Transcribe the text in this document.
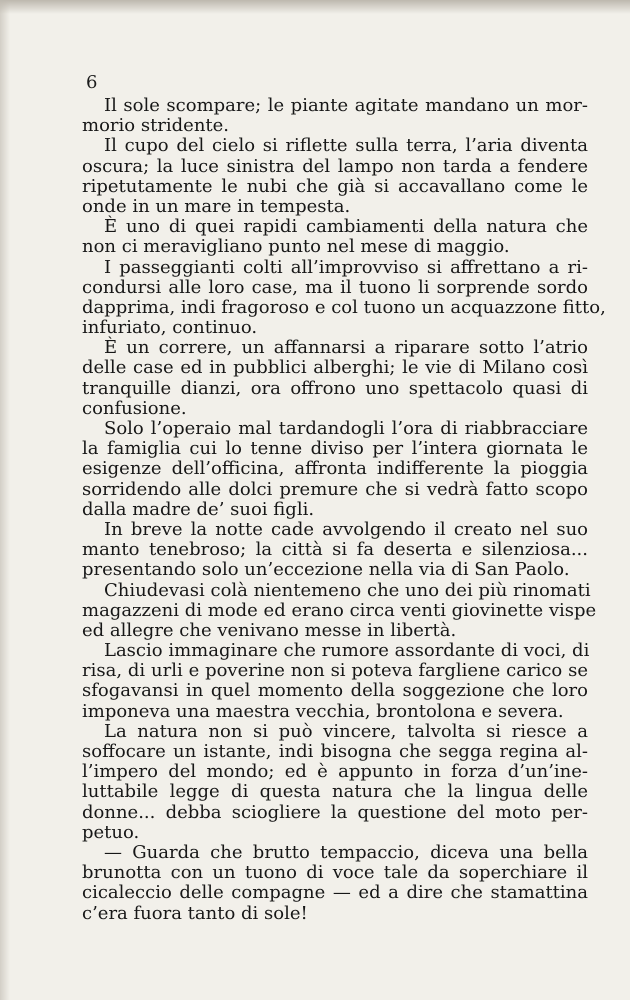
6
Il sole scompare; le piante agitate mandano un mor-
morio stridente.
Il cupo del cielo si riflette sulla terra, l’aria diventa
oscura; la luce sinistra del lampo non tarda a fendere
ripetutamente le nubi che già si accavallano come le
onde in un mare in tempesta.
È uno di quei rapidi cambiamenti della natura che
non ci meravigliano punto nel mese di maggio.
I passeggianti colti all’improvviso si affrettano a ri-
condursi alle loro case, ma il tuono li sorprende sordo
dapprima, indi fragoroso e col tuono un acquazzone fitto,
infuriato, continuo.
È un correre, un affannarsi a riparare sotto l’atrio
delle case ed in pubblici alberghi; le vie di Milano così
tranquille dianzi, ora offrono uno spettacolo quasi di
confusione.
Solo l’operaio mal tardandogli l’ora di riabbracciare
la famiglia cui lo tenne diviso per l’intera giornata le
esigenze dell’officina, affronta indifferente la pioggia
sorridendo alle dolci premure che si vedrà fatto scopo
dalla madre de’ suoi figli.
In breve la notte cade avvolgendo il creato nel suo
manto tenebroso; la città si fa deserta e silenziosa...
presentando solo un’eccezione nella via di San Paolo.
Chiudevasi colà nientemeno che uno dei più rinomati
magazzeni di mode ed erano circa venti giovinette vispe
ed allegre che venivano messe in libertà.
Lascio immaginare che rumore assordante di voci, di
risa, di urli e poverine non si poteva fargliene carico se
sfogavansi in quel momento della soggezione che loro
imponeva una maestra vecchia, brontolona e severa.
La natura non si può vincere, talvolta si riesce a
soffocare un istante, indi bisogna che segga regina al-
l’impero del mondo; ed è appunto in forza d’un’ine-
luttabile legge di questa natura che la lingua delle
donne... debba sciogliere la questione del moto per-
petuo.
— Guarda che brutto tempaccio, diceva una bella
brunotta con un tuono di voce tale da soperchiare il
cicaleccio delle compagne — ed a dire che stamattina
c’era fuora tanto di sole!
